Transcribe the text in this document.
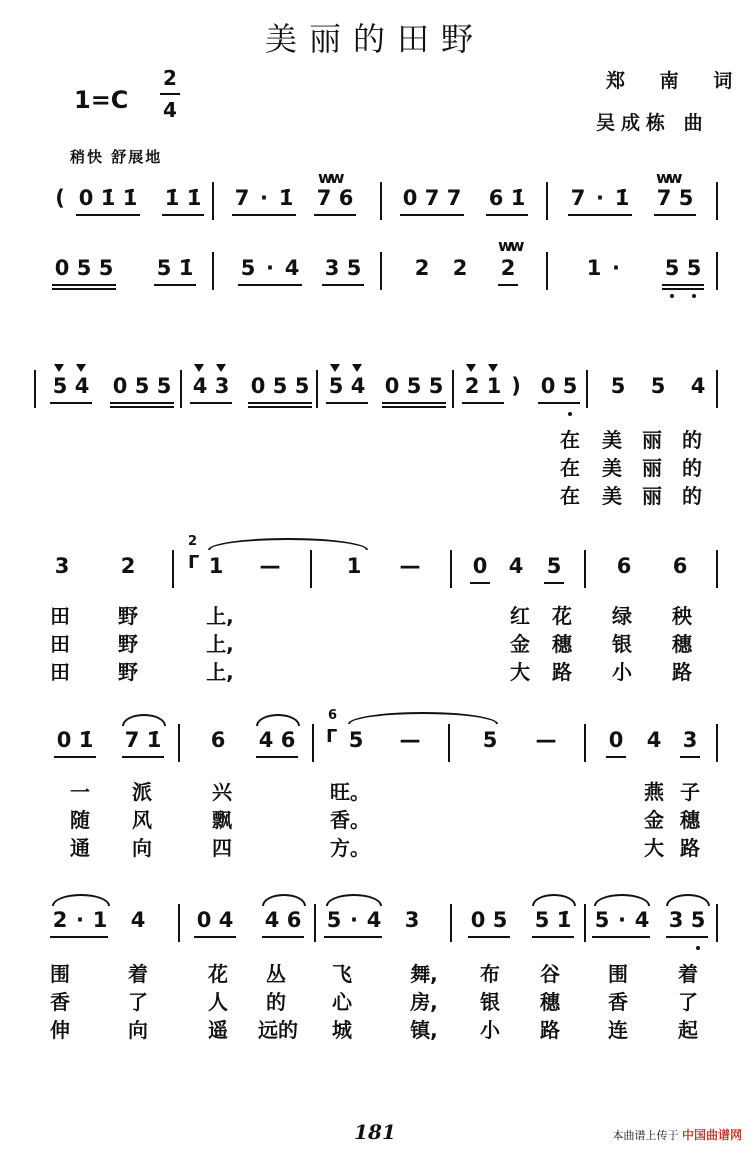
美丽的田野
郑 南 词
吴成栋 曲
1=C
2
4
稍快 舒展地
( 0 1̇ 1̇ 1̇ 1̇ 7 · 1̇
ww
7 6 0 7 7 6 1̇ 7 · 1̇
ww
7 5
0 5 5 5 1̇ 5 · 4 3 5	2 2
ww
2	1 ·	5 5
5 4 0 5 5 4 3 0 5 5 5 4 0 5 5 2 1 ) 0 5 5 5 4
在 美 丽 的
在 美 丽 的
在 美 丽 的
3 2
2
ᒥ 1 —	1 — 0 4 5	6 6
田 野	上,	红 花 绿 秧
田 野	上,	金 穗 银 穗
田 野	上,	大 路 小 路
0 1̇ 7 1̇ 6 4 6
6
ᒥ 5 —	5 — 0 4 3
一 派	兴	旺。	燕 子
随 风	飘	香。	金 穗
通 向	四	方。	大 路
2 · 1 4 0 4 4 6 5 · 4 3 0 5 5 1̇ 5 · 4 3 5
围	着	花	丛	飞	舞,	布 谷 围	着
香	了	人	的	心	房,	银 穗 香	了
伸	向	遥 远的 城	镇,	小 路 连	起
181	本曲谱上传于 中国曲谱网
